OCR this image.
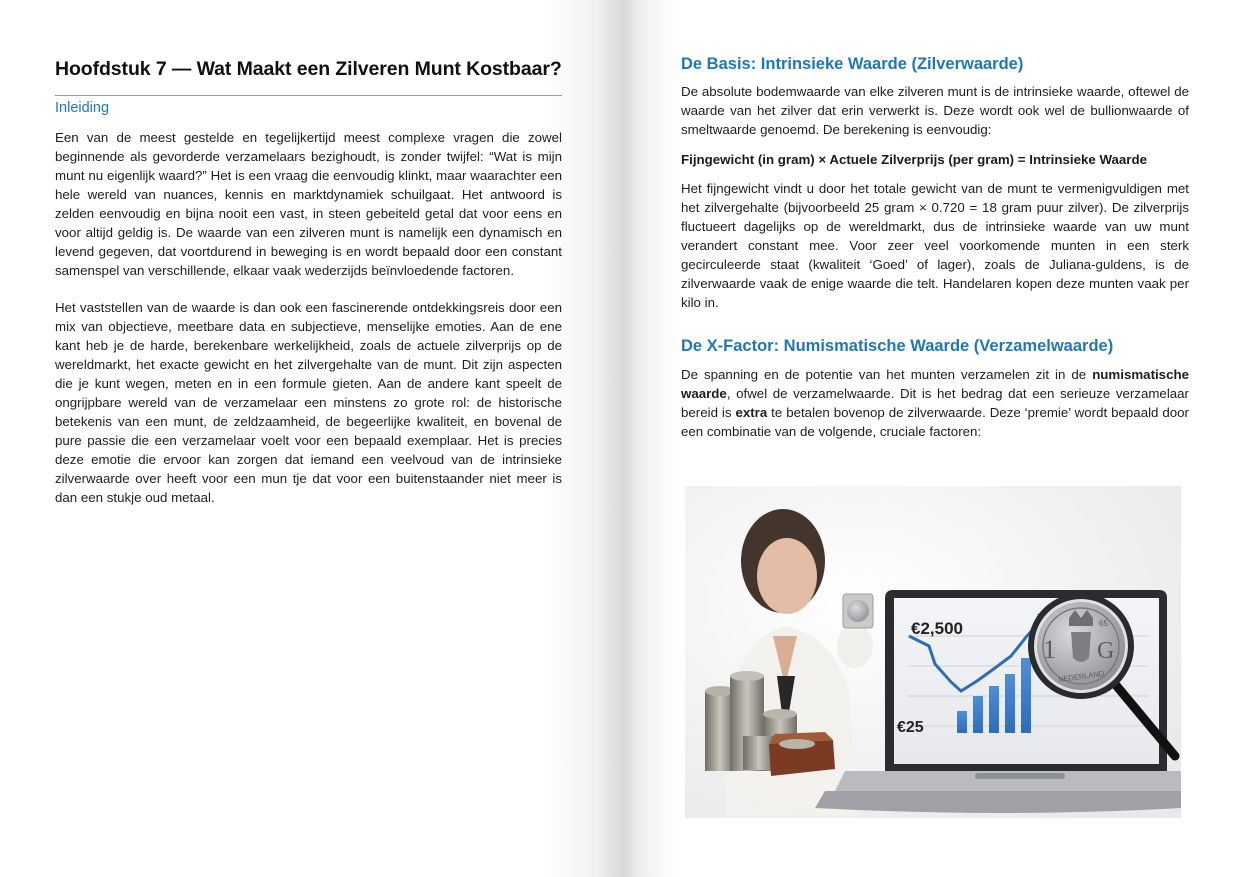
Hoofdstuk 7 — Wat Maakt een Zilveren Munt Kostbaar?
Inleiding

Een van de meest gestelde en tegelijkertijd meest complexe vragen die zowel beginnende als gevorderde verzamelaars bezighoudt, is zonder twijfel: “Wat is mijn munt nu eigenlijk waard?” Het is een vraag die eenvoudig klinkt, maar waarachter een hele wereld van nuances, kennis en marktdynamiek schuilgaat. Het antwoord is zelden eenvoudig en bijna nooit een vast, in steen gebeiteld getal dat voor eens en voor altijd geldig is. De waarde van een zilveren munt is namelijk een dynamisch en levend gegeven, dat voortdurend in beweging is en wordt bepaald door een constant samenspel van verschillende, elkaar vaak wederzijds beïnvloedende factoren.

Het vaststellen van de waarde is dan ook een fascinerende ontdekkingsreis door een mix van objectieve, meetbare data en subjectieve, menselijke emoties. Aan de ene kant heb je de harde, berekenbare werkelijkheid, zoals de actuele zilverprijs op de wereldmarkt, het exacte gewicht en het zilvergehalte van de munt. Dit zijn aspecten die je kunt wegen, meten en in een formule gieten. Aan de andere kant speelt de ongrijpbare wereld van de verzamelaar een minstens zo grote rol: de historische betekenis van een munt, de zeldzaamheid, de begeerlijke kwaliteit, en bovenal de pure passie die een verzamelaar voelt voor een bepaald exemplaar. Het is precies deze emotie die ervoor kan zorgen dat iemand een veelvoud van de intrinsieke zilverwaarde over heeft voor een mun tje dat voor een buitenstaander niet meer is dan een stukje oud metaal.

De Basis: Intrinsieke Waarde (Zilverwaarde)

De absolute bodemwaarde van elke zilveren munt is de intrinsieke waarde, oftewel de waarde van het zilver dat erin verwerkt is. Deze wordt ook wel de bullionwaarde of smeltwaarde genoemd. De berekening is eenvoudig:

Fijngewicht (in gram) × Actuele Zilverprijs (per gram) = Intrinsieke Waarde

Het fijngewicht vindt u door het totale gewicht van de munt te vermenigvuldigen met het zilvergehalte (bijvoorbeeld 25 gram × 0.720 = 18 gram puur zilver). De zilverprijs fluctueert dagelijks op de wereldmarkt, dus de intrinsieke waarde van uw munt verandert constant mee. Voor zeer veel voorkomende munten in een sterk gecirculeerde staat (kwaliteit ‘Goed’ of lager), zoals de Juliana-guldens, is de zilverwaarde vaak de enige waarde die telt. Handelaren kopen deze munten vaak per kilo in.

De X-Factor: Numismatische Waarde (Verzamelwaarde)

De spanning en de potentie van het munten verzamelen zit in de numismatische waarde, ofwel de verzamelwaarde. Dit is het bedrag dat een serieuze verzamelaar bereid is extra te betalen bovenop de zilverwaarde. Deze ‘premie’ wordt bepaald door een combinatie van de volgende, cruciale factoren:

€2,500
€25
1 G
65
NEDERLAND
